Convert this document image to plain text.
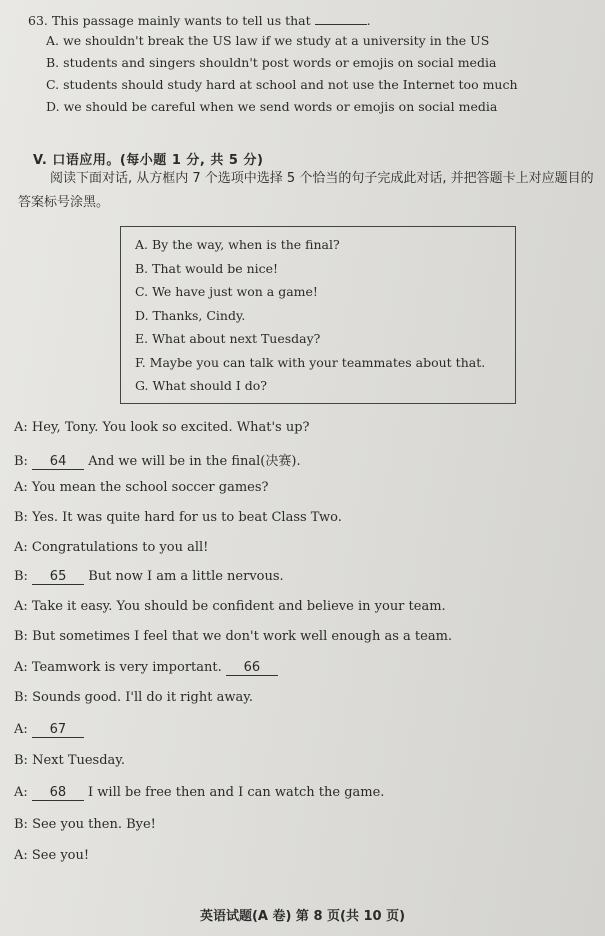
63. This passage mainly wants to tell us that	.
A. we shouldn't break the US law if we study at a university in the US
B. students and singers shouldn't post words or emojis on social media
C. students should study hard at school and not use the Internet too much
D. we should be careful when we send words or emojis on social media
V. 口语应用。(每小题 1 分, 共 5 分)
阅读下面对话, 从方框内 7 个选项中选择 5 个恰当的句子完成此对话, 并把答题卡上对应题目的答案标号涂黑。
A. By the way, when is the final?
B. That would be nice!
C. We have just won a game!
D. Thanks, Cindy.
E. What about next Tuesday?
F. Maybe you can talk with your teammates about that.
G. What should I do?
A: Hey, Tony. You look so excited. What's up?
B: 64 And we will be in the final(决赛).
A: You mean the school soccer games?
B: Yes. It was quite hard for us to beat Class Two.
A: Congratulations to you all!
B: 65 But now I am a little nervous.
A: Take it easy. You should be confident and believe in your team.
B: But sometimes I feel that we don't work well enough as a team.
A: Teamwork is very important. 66
B: Sounds good. I'll do it right away.
A: 67
B: Next Tuesday.
A: 68 I will be free then and I can watch the game.
B: See you then. Bye!
A: See you!
英语试题(A 卷) 第 8 页(共 10 页)
